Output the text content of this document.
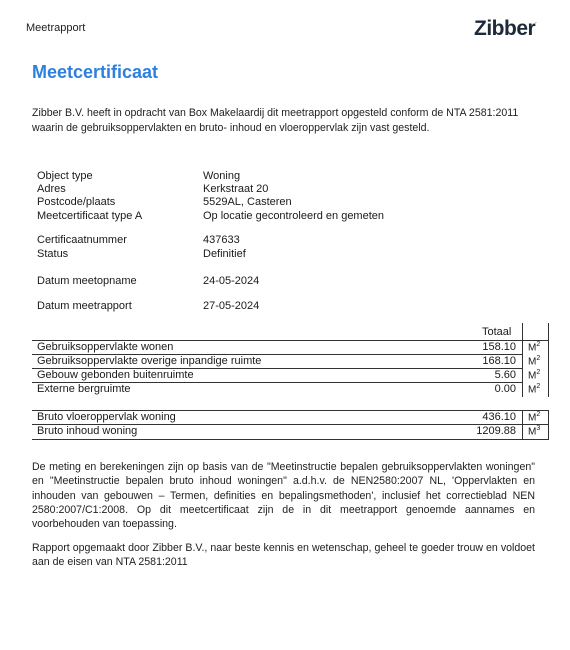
Meetrapport	Zibber.
Meetcertificaat
Zibber B.V. heeft in opdracht van Box Makelaardij dit meetrapport opgesteld conform de NTA 2581:2011 waarin de gebruiksoppervlakten en bruto- inhoud en vloeroppervlak zijn vast gesteld.
Object type	Woning
Adres	Kerkstraat 20
Postcode/plaats	5529AL, Casteren
Meetcertificaat type A	Op locatie gecontroleerd en gemeten
Certificaatnummer	437633
Status	Definitief
Datum meetopname	24-05-2024
Datum meetrapport	27-05-2024
Totaal
Gebruiksoppervlakte wonen	158.10 $M^2$
Gebruiksoppervlakte overige inpandige ruimte	168.10 $M^2$
Gebouw gebonden buitenruimte	5.60 $M^2$
Externe bergruimte	0.00 $M^2$
Bruto vloeroppervlak woning	436.10 $M^2$
Bruto inhoud woning	1209.88 $M^3$
De meting en berekeningen zijn op basis van de "Meetinstructie bepalen gebruiksoppervlakten woningen" en "Meetinstructie bepalen bruto inhoud woningen" a.d.h.v. de NEN2580:2007 NL, 'Oppervlakten en inhouden van gebouwen – Termen, definities en bepalingsmethoden', inclusief het correctieblad NEN 2580:2007/C1:2008. Op dit meetcertificaat zijn de in dit meetrapport genoemde aannames en voorbehouden van toepassing.
Rapport opgemaakt door Zibber B.V., naar beste kennis en wetenschap, geheel te goeder trouw en voldoet aan de eisen van NTA 2581:2011
